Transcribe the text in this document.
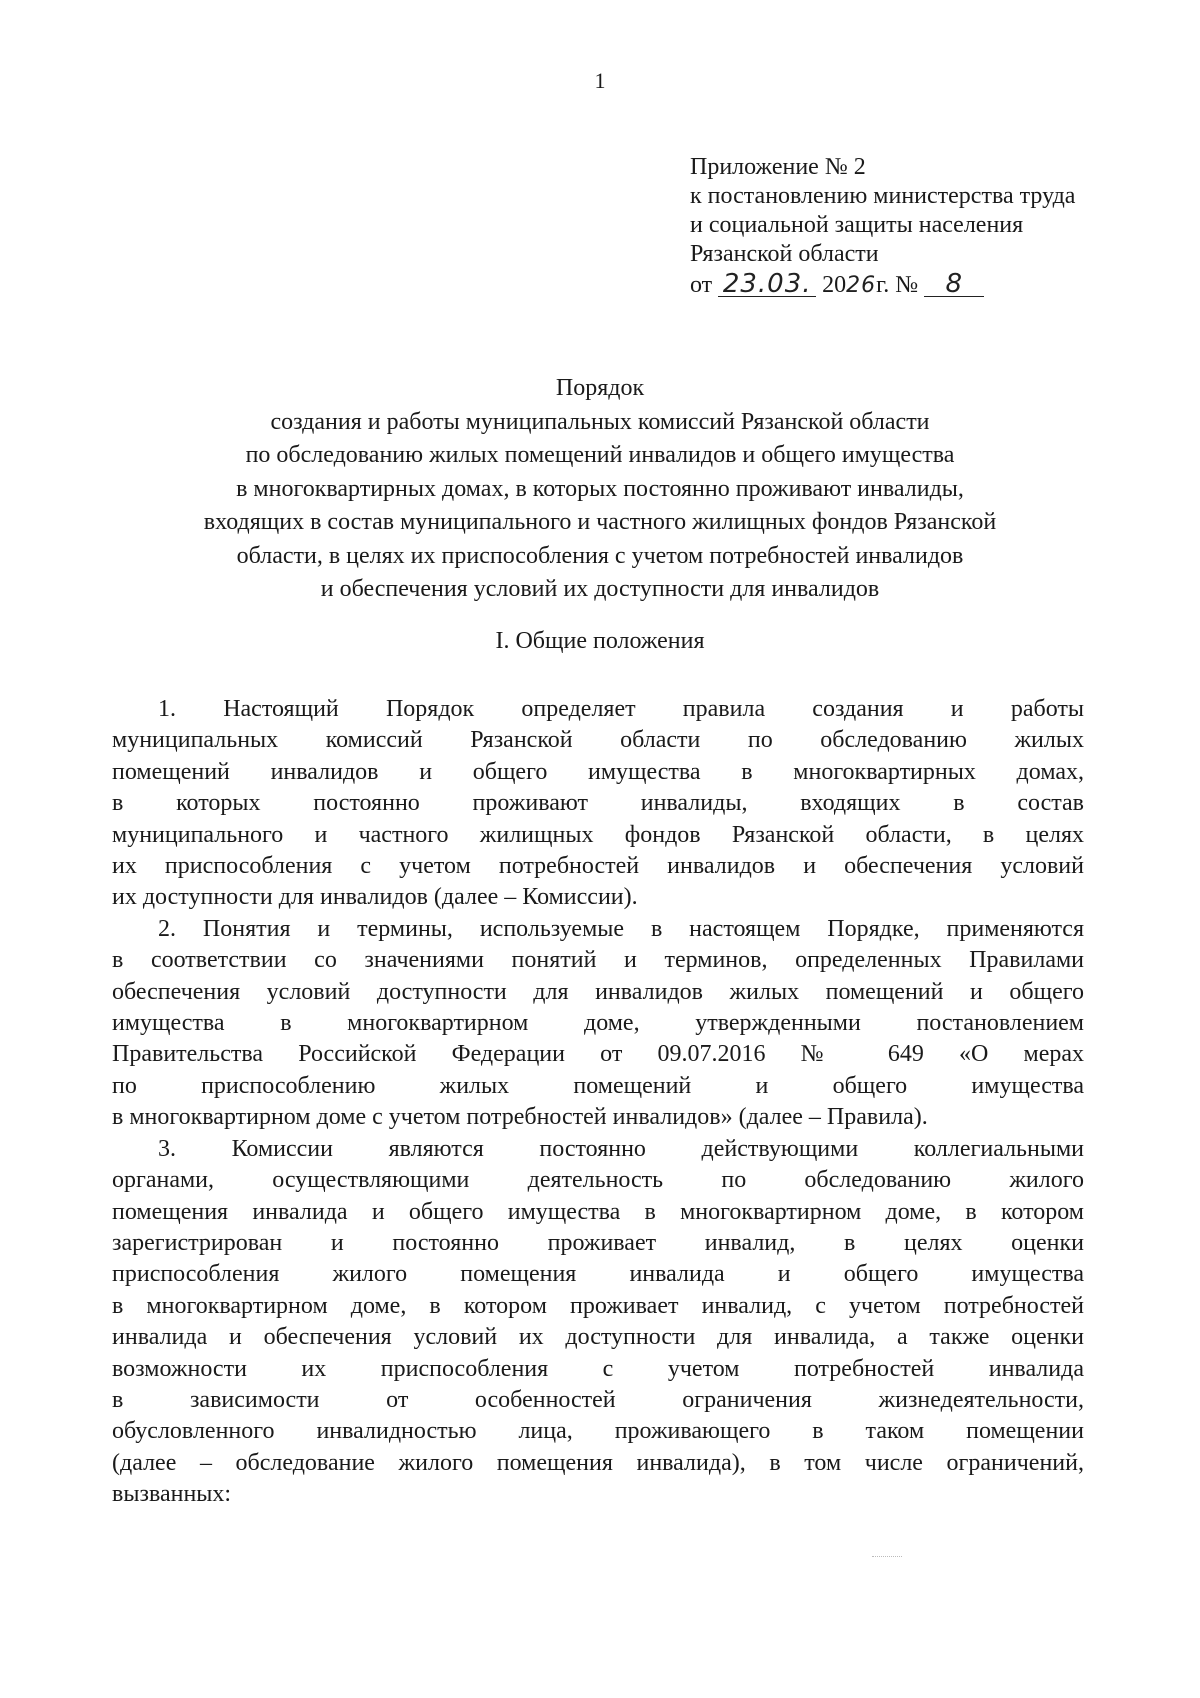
1
Приложение № 2
к постановлению министерства труда
и социальной защиты населения
Рязанской области
от 23.03. 2026г. № 8
Порядок
создания и работы муниципальных комиссий Рязанской области
по обследованию жилых помещений инвалидов и общего имущества
в многоквартирных домах, в которых постоянно проживают инвалиды,
входящих в состав муниципального и частного жилищных фондов Рязанской
области, в целях их приспособления с учетом потребностей инвалидов
и обеспечения условий их доступности для инвалидов
I. Общие положения
1. Настоящий Порядок определяет правила создания и работы
муниципальных комиссий Рязанской области по обследованию жилых
помещений инвалидов и общего имущества в многоквартирных домах,
в которых постоянно проживают инвалиды, входящих в состав
муниципального и частного жилищных фондов Рязанской области, в целях
их приспособления с учетом потребностей инвалидов и обеспечения условий
их доступности для инвалидов (далее – Комиссии).
2. Понятия и термины, используемые в настоящем Порядке, применяются
в соответствии со значениями понятий и терминов, определенных Правилами
обеспечения условий доступности для инвалидов жилых помещений и общего
имущества в многоквартирном доме, утвержденными постановлением
Правительства Российской Федерации от 09.07.2016 № 649 «О мерах
по приспособлению жилых помещений и общего имущества
в многоквартирном доме с учетом потребностей инвалидов» (далее – Правила).
3. Комиссии являются постоянно действующими коллегиальными
органами, осуществляющими деятельность по обследованию жилого
помещения инвалида и общего имущества в многоквартирном доме, в котором
зарегистрирован и постоянно проживает инвалид, в целях оценки
приспособления жилого помещения инвалида и общего имущества
в многоквартирном доме, в котором проживает инвалид, с учетом потребностей
инвалида и обеспечения условий их доступности для инвалида, а также оценки
возможности их приспособления с учетом потребностей инвалида
в зависимости от особенностей ограничения жизнедеятельности,
обусловленного инвалидностью лица, проживающего в таком помещении
(далее – обследование жилого помещения инвалида), в том числе ограничений,
вызванных:
